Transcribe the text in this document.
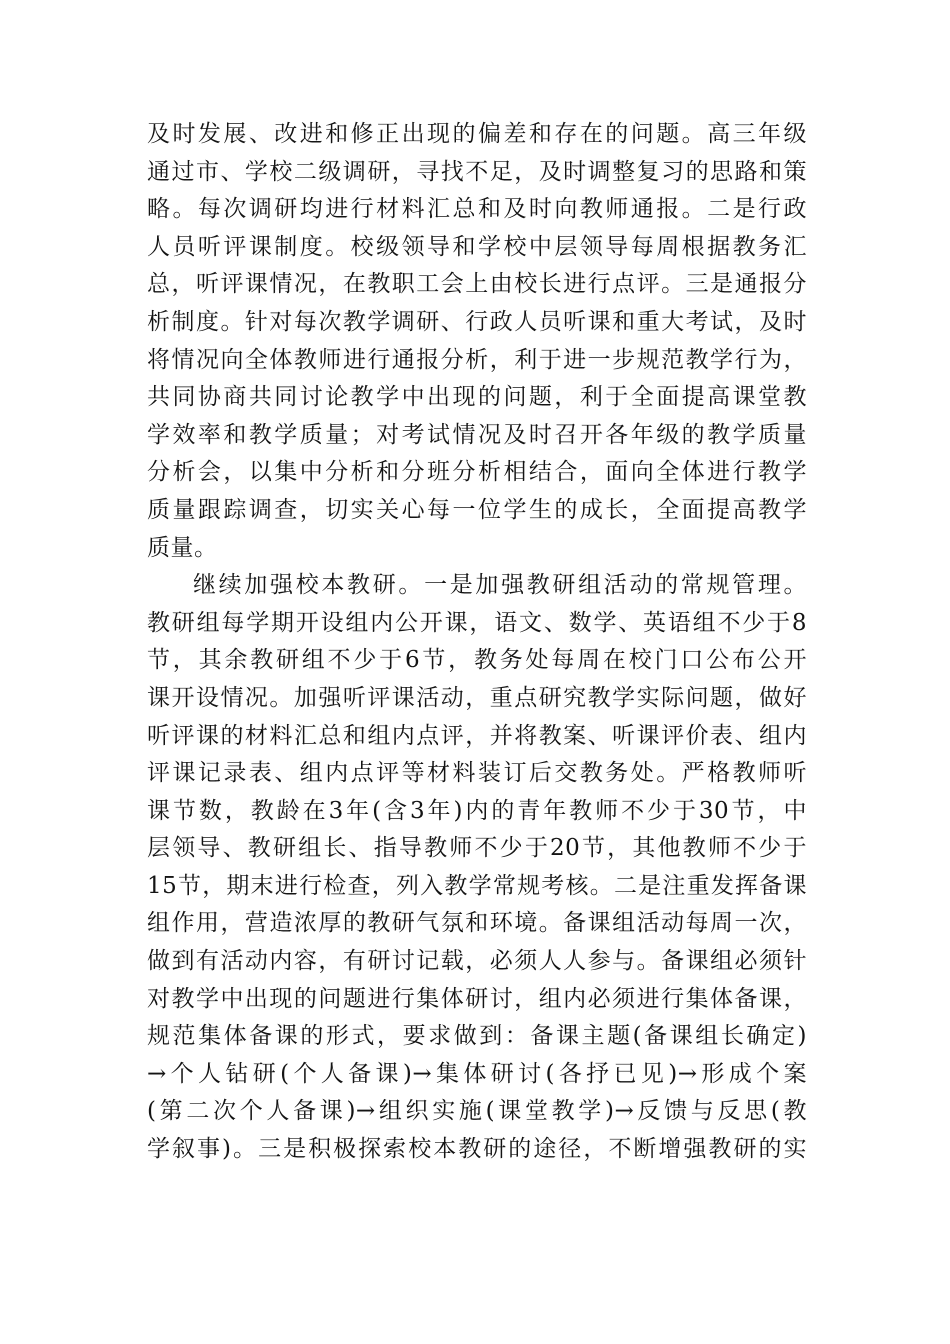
及时发展、改进和修正出现的偏差和存在的问题。高三年级
通过市、学校二级调研，寻找不足，及时调整复习的思路和策
略。每次调研均进行材料汇总和及时向教师通报。二是行政
人员听评课制度。校级领导和学校中层领导每周根据教务汇
总，听评课情况，在教职工会上由校长进行点评。三是通报分
析制度。针对每次教学调研、行政人员听课和重大考试，及时
将情况向全体教师进行通报分析，利于进一步规范教学行为，
共同协商共同讨论教学中出现的问题，利于全面提高课堂教
学效率和教学质量；对考试情况及时召开各年级的教学质量
分析会，以集中分析和分班分析相结合，面向全体进行教学
质量跟踪调查，切实关心每一位学生的成长，全面提高教学
质量。
继续加强校本教研。一是加强教研组活动的常规管理。
教研组每学期开设组内公开课，语文、数学、英语组不少于8
节，其余教研组不少于6节，教务处每周在校门口公布公开
课开设情况。加强听评课活动，重点研究教学实际问题，做好
听评课的材料汇总和组内点评，并将教案、听课评价表、组内
评课记录表、组内点评等材料装订后交教务处。严格教师听
课节数，教龄在3年(含3年)内的青年教师不少于30节，中
层领导、教研组长、指导教师不少于20节，其他教师不少于
15节，期末进行检查，列入教学常规考核。二是注重发挥备课
组作用，营造浓厚的教研气氛和环境。备课组活动每周一次，
做到有活动内容，有研讨记载，必须人人参与。备课组必须针
对教学中出现的问题进行集体研讨，组内必须进行集体备课，
规范集体备课的形式，要求做到：备课主题(备课组长确定)
→个人钻研(个人备课)→集体研讨(各抒已见)→形成个案
(第二次个人备课)→组织实施(课堂教学)→反馈与反思(教
学叙事)。三是积极探索校本教研的途径，不断增强教研的实
